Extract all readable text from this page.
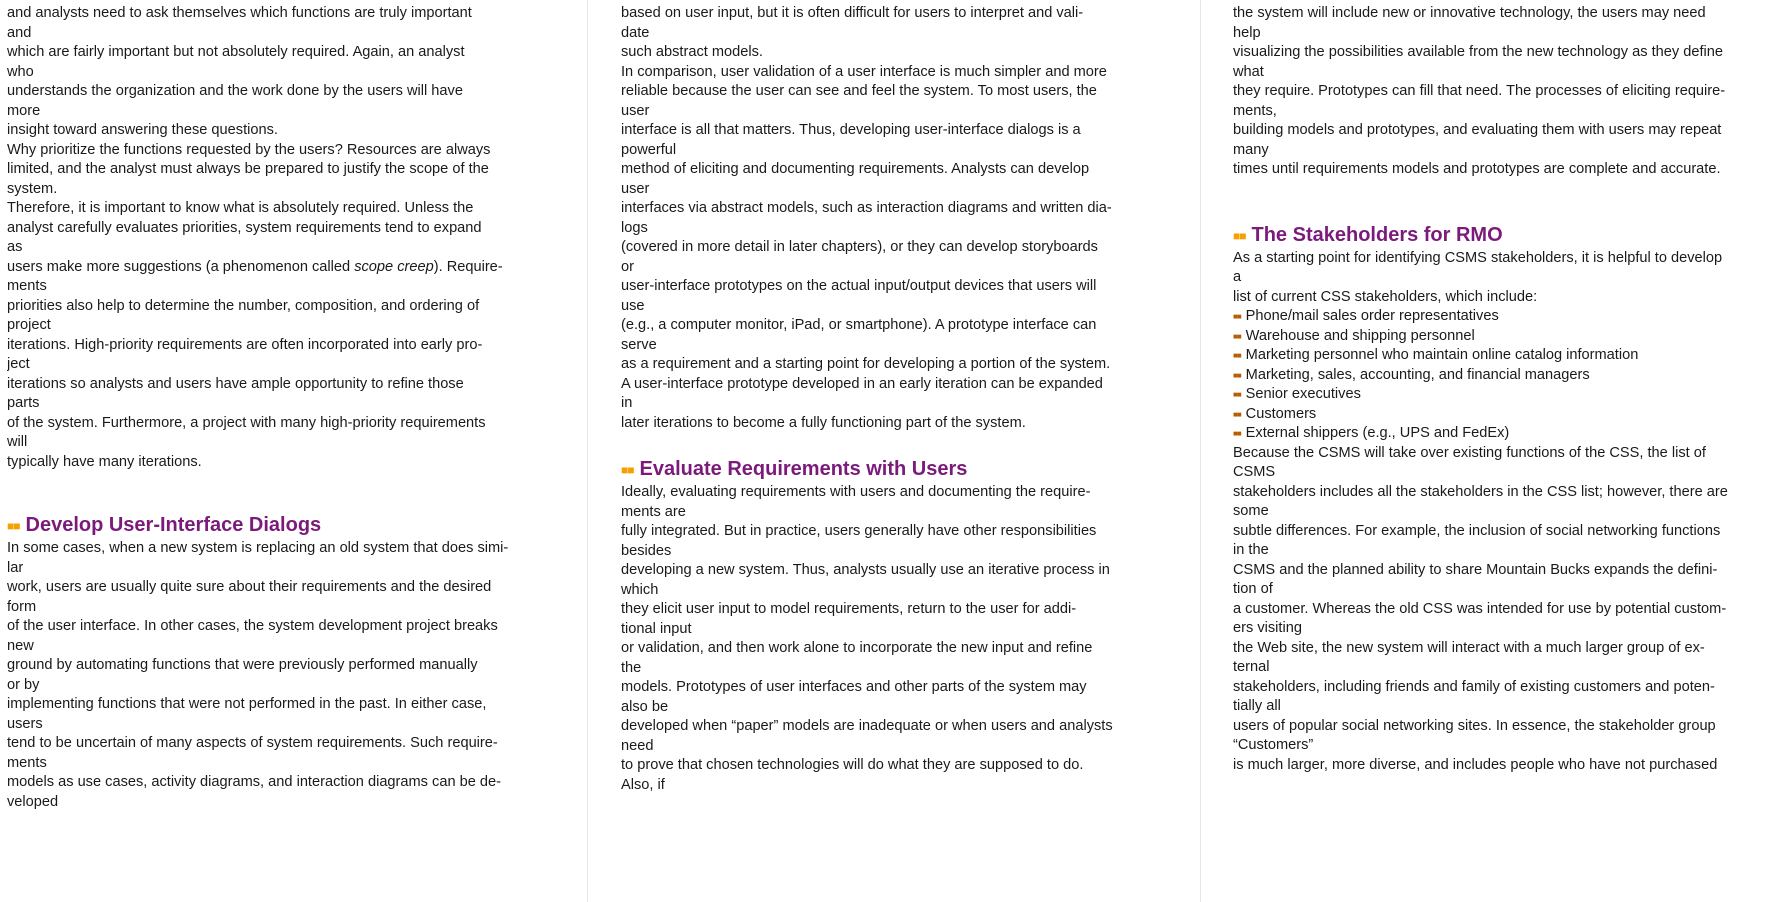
and analysts need to ask themselves which functions are truly important
and
which are fairly important but not absolutely required. Again, an analyst
who
understands the organization and the work done by the users will have
more
insight toward answering these questions.
Why prioritize the functions requested by the users? Resources are always
limited, and the analyst must always be prepared to justify the scope of the
system.
Therefore, it is important to know what is absolutely required. Unless the
analyst carefully evaluates priorities, system requirements tend to expand
as
users make more suggestions (a phenomenon called scope creep). Require-
ments
priorities also help to determine the number, composition, and ordering of
project
iterations. High-priority requirements are often incorporated into early pro-
ject
iterations so analysts and users have ample opportunity to refine those
parts
of the system. Furthermore, a project with many high-priority requirements
will
typically have many iterations.
■■ Develop User-Interface Dialogs
In some cases, when a new system is replacing an old system that does simi-
lar
work, users are usually quite sure about their requirements and the desired
form
of the user interface. In other cases, the system development project breaks
new
ground by automating functions that were previously performed manually
or by
implementing functions that were not performed in the past. In either case,
users
tend to be uncertain of many aspects of system requirements. Such require-
ments
models as use cases, activity diagrams, and interaction diagrams can be de-
veloped
based on user input, but it is often difficult for users to interpret and vali-
date
such abstract models.
In comparison, user validation of a user interface is much simpler and more
reliable because the user can see and feel the system. To most users, the
user
interface is all that matters. Thus, developing user-interface dialogs is a
powerful
method of eliciting and documenting requirements. Analysts can develop
user
interfaces via abstract models, such as interaction diagrams and written dia-
logs
(covered in more detail in later chapters), or they can develop storyboards
or
user-interface prototypes on the actual input/output devices that users will
use
(e.g., a computer monitor, iPad, or smartphone). A prototype interface can
serve
as a requirement and a starting point for developing a portion of the system.
A user-interface prototype developed in an early iteration can be expanded
in
later iterations to become a fully functioning part of the system.
■■ Evaluate Requirements with Users
Ideally, evaluating requirements with users and documenting the require-
ments are
fully integrated. But in practice, users generally have other responsibilities
besides
developing a new system. Thus, analysts usually use an iterative process in
which
they elicit user input to model requirements, return to the user for addi-
tional input
or validation, and then work alone to incorporate the new input and refine
the
models. Prototypes of user interfaces and other parts of the system may
also be
developed when “paper” models are inadequate or when users and analysts
need
to prove that chosen technologies will do what they are supposed to do.
Also, if
the system will include new or innovative technology, the users may need
help
visualizing the possibilities available from the new technology as they define
what
they require. Prototypes can fill that need. The processes of eliciting require-
ments,
building models and prototypes, and evaluating them with users may repeat
many
times until requirements models and prototypes are complete and accurate.
■■ The Stakeholders for RMO
As a starting point for identifying CSMS stakeholders, it is helpful to develop
a
list of current CSS stakeholders, which include:
■■ Phone/mail sales order representatives
■■ Warehouse and shipping personnel
■■ Marketing personnel who maintain online catalog information
■■ Marketing, sales, accounting, and financial managers
■■ Senior executives
■■ Customers
■■ External shippers (e.g., UPS and FedEx)
Because the CSMS will take over existing functions of the CSS, the list of
CSMS
stakeholders includes all the stakeholders in the CSS list; however, there are
some
subtle differences. For example, the inclusion of social networking functions
in the
CSMS and the planned ability to share Mountain Bucks expands the defini-
tion of
a customer. Whereas the old CSS was intended for use by potential custom-
ers visiting
the Web site, the new system will interact with a much larger group of ex-
ternal
stakeholders, including friends and family of existing customers and poten-
tially all
users of popular social networking sites. In essence, the stakeholder group
“Customers”
is much larger, more diverse, and includes people who have not purchased
